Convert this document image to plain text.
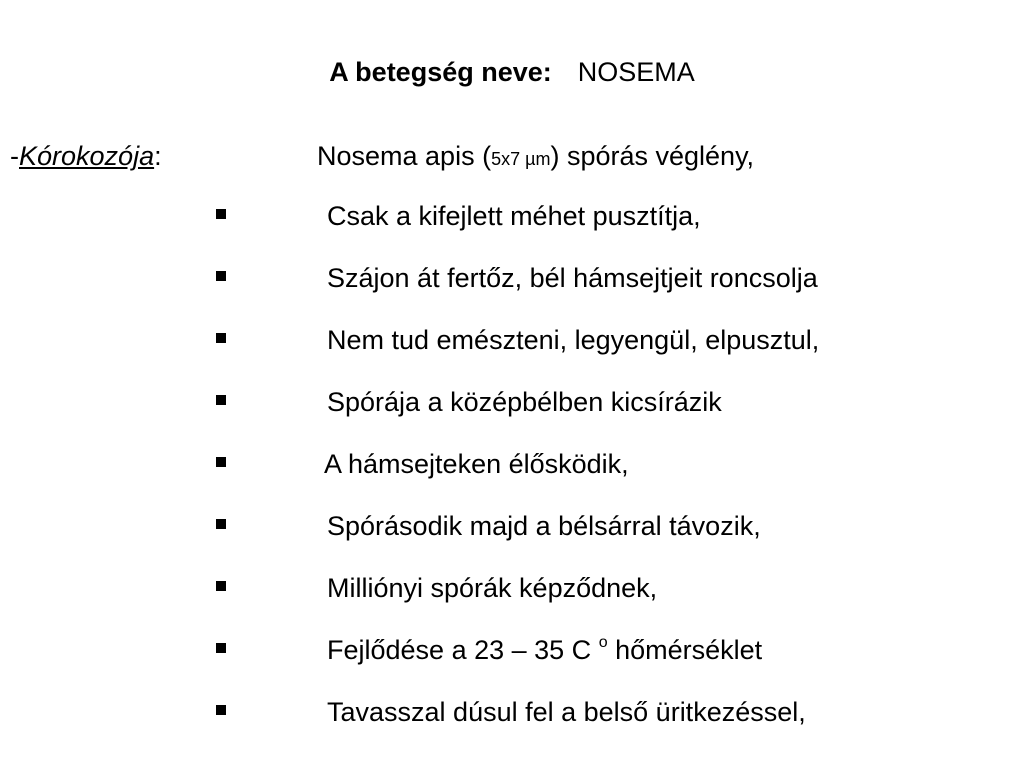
A betegség neve: NOSEMA
-Kórokozója:	Nosema apis (5x7 µm) spórás véglény,
Csak a kifejlett méhet pusztítja,
Szájon át fertőz, bél hámsejtjeit roncsolja
Nem tud emészteni, legyengül, elpusztul,
Spórája a középbélben kicsírázik
A hámsejteken élősködik,
Spórásodik majd a bélsárral távozik,
Milliónyi spórák képződnek,
Fejlődése a 23 – 35 C $^o$ hőmérséklet
Tavasszal dúsul fel a belső üritkezéssel,
